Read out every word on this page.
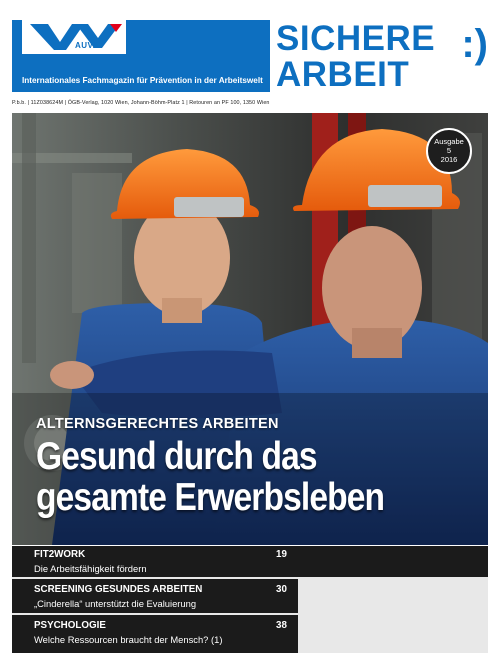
AUVA
Internationales Fachmagazin für Prävention in der Arbeitswelt
SICHERE
ARBEIT
:)
P.b.b. | 11Z038624M | ÖGB-Verlag, 1020 Wien, Johann-Böhm-Platz 1 | Retouren an PF 100, 1350 Wien
Ausgabe
5
2016
ALTERNSGERECHTES ARBEITEN
Gesund durch das
gesamte Erwerbsleben
FIT2WORK
Die Arbeitsfähigkeit fördern
19
SCREENING GESUNDES ARBEITEN
„Cinderella“ unterstützt die Evaluierung
30
PSYCHOLOGIE
Welche Ressourcen braucht der Mensch? (1)
38
